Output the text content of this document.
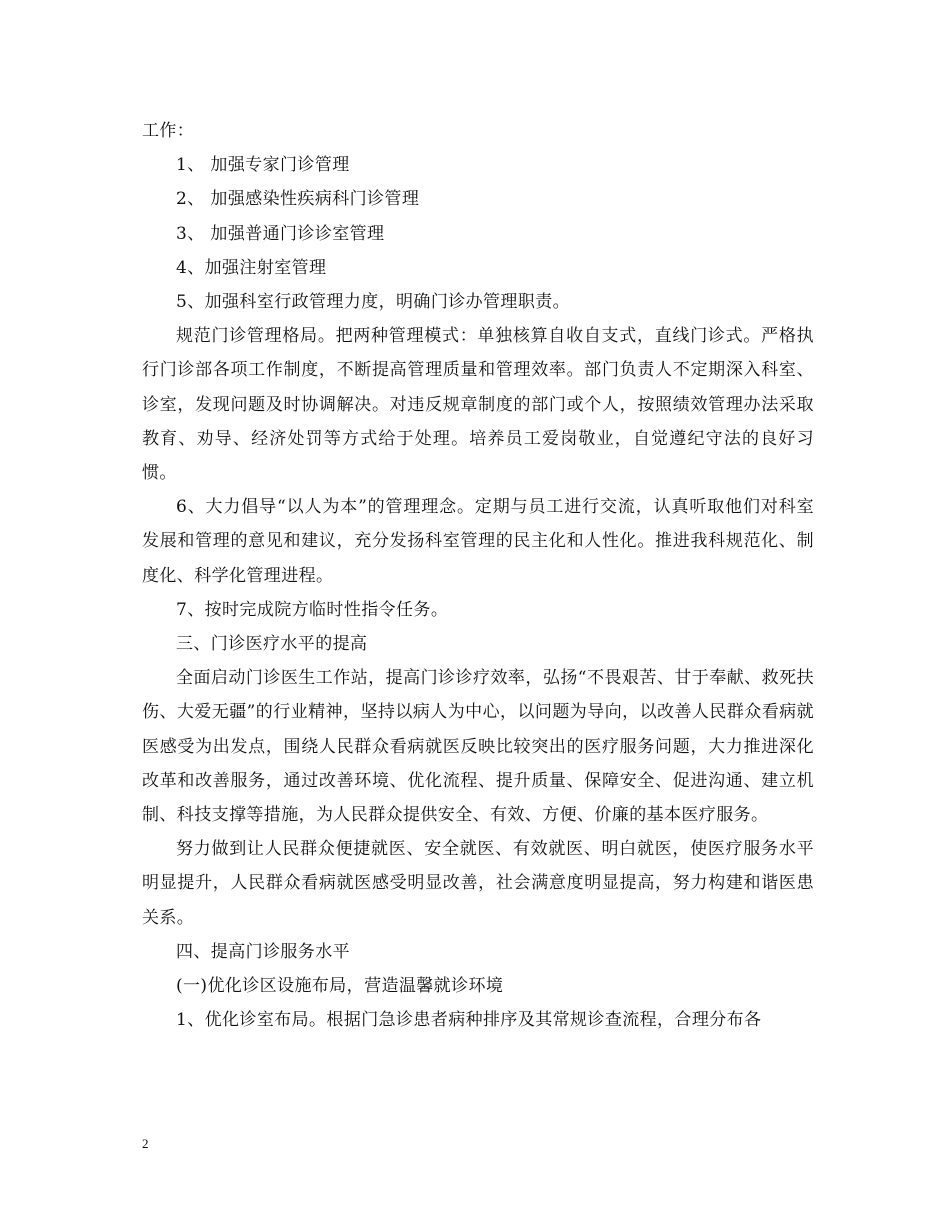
工作：
1、 加强专家门诊管理
2、 加强感染性疾病科门诊管理
3、 加强普通门诊诊室管理
4、加强注射室管理
5、加强科室行政管理力度，明确门诊办管理职责。
规范门诊管理格局。把两种管理模式：单独核算自收自支式，直线门诊式。严格执行门诊部各项工作制度，不断提高管理质量和管理效率。部门负责人不定期深入科室、诊室，发现问题及时协调解决。对违反规章制度的部门或个人，按照绩效管理办法采取教育、劝导、经济处罚等方式给于处理。培养员工爱岗敬业，自觉遵纪守法的良好习惯。
6、大力倡导“以人为本”的管理理念。定期与员工进行交流，认真听取他们对科室发展和管理的意见和建议，充分发扬科室管理的民主化和人性化。推进我科规范化、制度化、科学化管理进程。
7、按时完成院方临时性指令任务。
三、门诊医疗水平的提高
全面启动门诊医生工作站，提高门诊诊疗效率，弘扬“不畏艰苦、甘于奉献、救死扶伤、大爱无疆”的行业精神，坚持以病人为中心，以问题为导向，以改善人民群众看病就医感受为出发点，围绕人民群众看病就医反映比较突出的医疗服务问题，大力推进深化改革和改善服务，通过改善环境、优化流程、提升质量、保障安全、促进沟通、建立机制、科技支撑等措施，为人民群众提供安全、有效、方便、价廉的基本医疗服务。
努力做到让人民群众便捷就医、安全就医、有效就医、明白就医，使医疗服务水平明显提升，人民群众看病就医感受明显改善，社会满意度明显提高，努力构建和谐医患关系。
四、提高门诊服务水平
(一)优化诊区设施布局，营造温馨就诊环境
1、优化诊室布局。根据门急诊患者病种排序及其常规诊查流程，合理分布各
2
